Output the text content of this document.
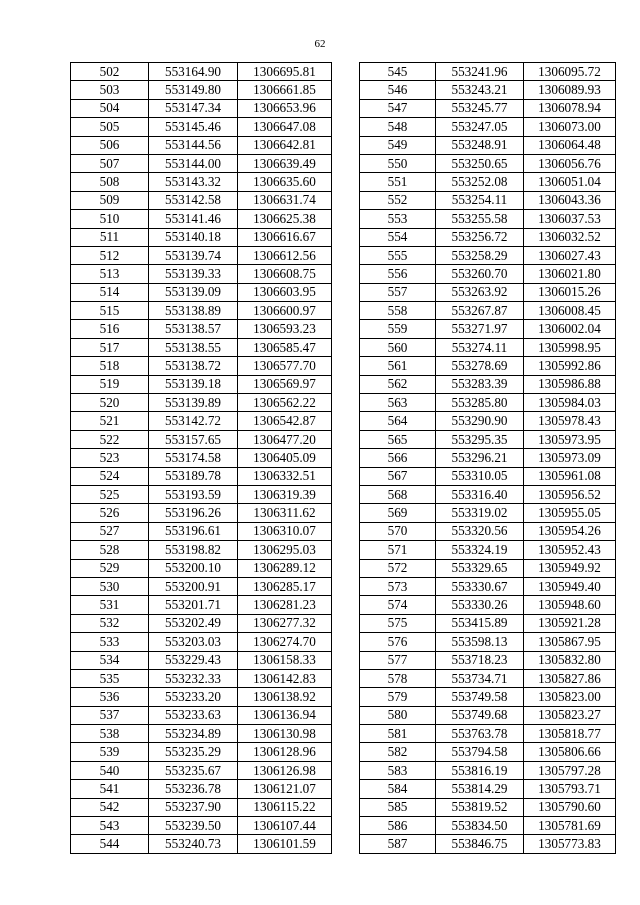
62
502	553164.90	1306695.81
503	553149.80	1306661.85
504	553147.34	1306653.96
505	553145.46	1306647.08
506	553144.56	1306642.81
507	553144.00	1306639.49
508	553143.32	1306635.60
509	553142.58	1306631.74
510	553141.46	1306625.38
511	553140.18	1306616.67
512	553139.74	1306612.56
513	553139.33	1306608.75
514	553139.09	1306603.95
515	553138.89	1306600.97
516	553138.57	1306593.23
517	553138.55	1306585.47
518	553138.72	1306577.70
519	553139.18	1306569.97
520	553139.89	1306562.22
521	553142.72	1306542.87
522	553157.65	1306477.20
523	553174.58	1306405.09
524	553189.78	1306332.51
525	553193.59	1306319.39
526	553196.26	1306311.62
527	553196.61	1306310.07
528	553198.82	1306295.03
529	553200.10	1306289.12
530	553200.91	1306285.17
531	553201.71	1306281.23
532	553202.49	1306277.32
533	553203.03	1306274.70
534	553229.43	1306158.33
535	553232.33	1306142.83
536	553233.20	1306138.92
537	553233.63	1306136.94
538	553234.89	1306130.98
539	553235.29	1306128.96
540	553235.67	1306126.98
541	553236.78	1306121.07
542	553237.90	1306115.22
543	553239.50	1306107.44
544	553240.73	1306101.59
545	553241.96	1306095.72
546	553243.21	1306089.93
547	553245.77	1306078.94
548	553247.05	1306073.00
549	553248.91	1306064.48
550	553250.65	1306056.76
551	553252.08	1306051.04
552	553254.11	1306043.36
553	553255.58	1306037.53
554	553256.72	1306032.52
555	553258.29	1306027.43
556	553260.70	1306021.80
557	553263.92	1306015.26
558	553267.87	1306008.45
559	553271.97	1306002.04
560	553274.11	1305998.95
561	553278.69	1305992.86
562	553283.39	1305986.88
563	553285.80	1305984.03
564	553290.90	1305978.43
565	553295.35	1305973.95
566	553296.21	1305973.09
567	553310.05	1305961.08
568	553316.40	1305956.52
569	553319.02	1305955.05
570	553320.56	1305954.26
571	553324.19	1305952.43
572	553329.65	1305949.92
573	553330.67	1305949.40
574	553330.26	1305948.60
575	553415.89	1305921.28
576	553598.13	1305867.95
577	553718.23	1305832.80
578	553734.71	1305827.86
579	553749.58	1305823.00
580	553749.68	1305823.27
581	553763.78	1305818.77
582	553794.58	1305806.66
583	553816.19	1305797.28
584	553814.29	1305793.71
585	553819.52	1305790.60
586	553834.50	1305781.69
587	553846.75	1305773.83
